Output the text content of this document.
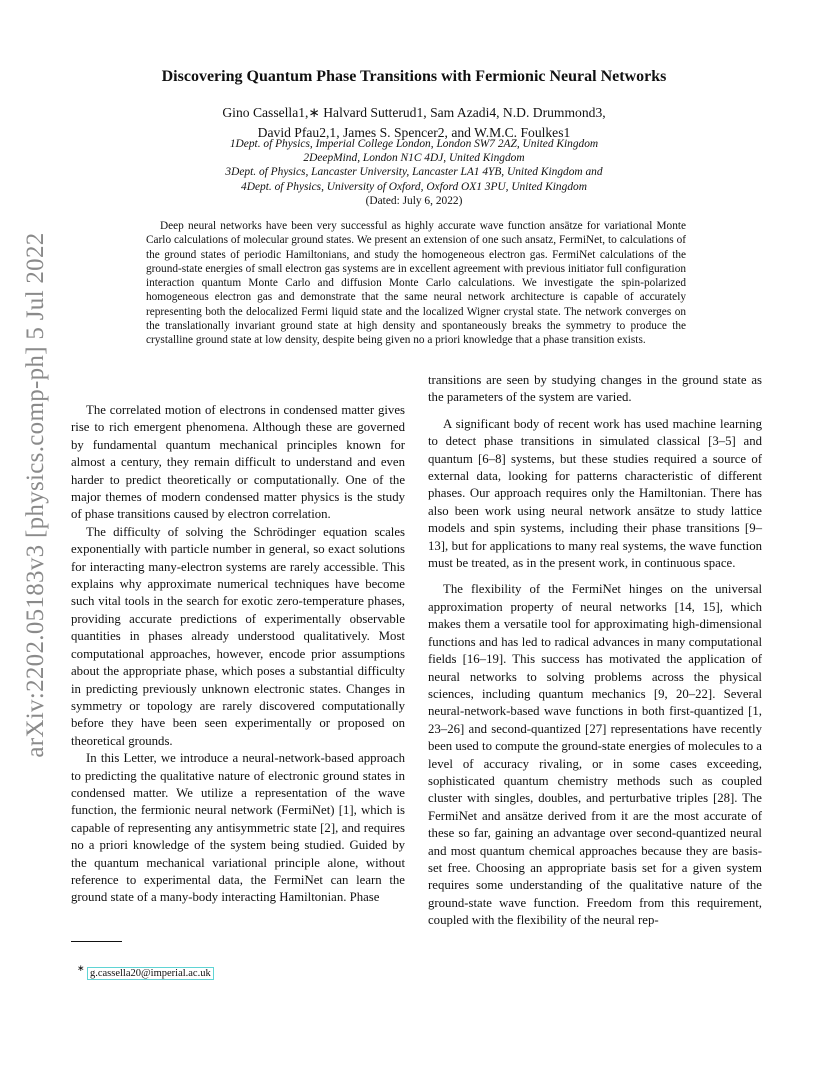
arXiv:2202.05183v3 [physics.comp-ph] 5 Jul 2022
Discovering Quantum Phase Transitions with Fermionic Neural Networks
Gino Cassella1,∗ Halvard Sutterud1, Sam Azadi4, N.D. Drummond3,
David Pfau2,1, James S. Spencer2, and W.M.C. Foulkes1
1Dept. of Physics, Imperial College London, London SW7 2AZ, United Kingdom
2DeepMind, London N1C 4DJ, United Kingdom
3Dept. of Physics, Lancaster University, Lancaster LA1 4YB, United Kingdom and
4Dept. of Physics, University of Oxford, Oxford OX1 3PU, United Kingdom
(Dated: July 6, 2022)
Deep neural networks have been very successful as highly accurate wave function ansätze for variational Monte Carlo calculations of molecular ground states. We present an extension of one such ansatz, FermiNet, to calculations of the ground states of periodic Hamiltonians, and study the homogeneous electron gas. FermiNet calculations of the ground-state energies of small electron gas systems are in excellent agreement with previous initiator full configuration interaction quantum Monte Carlo and diffusion Monte Carlo calculations. We investigate the spin-polarized homogeneous electron gas and demonstrate that the same neural network architecture is capable of accurately representing both the delocalized Fermi liquid state and the localized Wigner crystal state. The network converges on the translationally invariant ground state at high density and spontaneously breaks the symmetry to produce the crystalline ground state at low density, despite being given no a priori knowledge that a phase transition exists.

The correlated motion of electrons in condensed matter gives rise to rich emergent phenomena. Although these are governed by fundamental quantum mechanical principles known for almost a century, they remain difficult to understand and even harder to predict theoretically or computationally. One of the major themes of modern condensed matter physics is the study of phase transitions caused by electron correlation.

The difficulty of solving the Schrödinger equation scales exponentially with particle number in general, so exact solutions for interacting many-electron systems are rarely accessible. This explains why approximate numerical techniques have become such vital tools in the search for exotic zero-temperature phases, providing accurate predictions of experimentally observable quantities in phases already understood qualitatively. Most computational approaches, however, encode prior assumptions about the appropriate phase, which poses a substantial difficulty in predicting previously unknown electronic states. Changes in symmetry or topology are rarely discovered computationally before they have been seen experimentally or proposed on theoretical grounds.

In this Letter, we introduce a neural-network-based approach to predicting the qualitative nature of electronic ground states in condensed matter. We utilize a representation of the wave function, the fermionic neural network (FermiNet) [1], which is capable of representing any antisymmetric state [2], and requires no a priori knowledge of the system being studied. Guided by the quantum mechanical variational principle alone, without reference to experimental data, the FermiNet can learn the ground state of a many-body interacting Hamiltonian. Phase

transitions are seen by studying changes in the ground state as the parameters of the system are varied.

A significant body of recent work has used machine learning to detect phase transitions in simulated classical [3–5] and quantum [6–8] systems, but these studies required a source of external data, looking for patterns characteristic of different phases. Our approach requires only the Hamiltonian. There has also been work using neural network ansätze to study lattice models and spin systems, including their phase transitions [9–13], but for applications to many real systems, the wave function must be treated, as in the present work, in continuous space.

The flexibility of the FermiNet hinges on the universal approximation property of neural networks [14, 15], which makes them a versatile tool for approximating high-dimensional functions and has led to radical advances in many computational fields [16–19]. This success has motivated the application of neural networks to solving problems across the physical sciences, including quantum mechanics [9, 20–22]. Several neural-network-based wave functions in both first-quantized [1, 23–26] and second-quantized [27] representations have recently been used to compute the ground-state energies of molecules to a level of accuracy rivaling, or in some cases exceeding, sophisticated quantum chemistry methods such as coupled cluster with singles, doubles, and perturbative triples [28]. The FermiNet and ansätze derived from it are the most accurate of these so far, gaining an advantage over second-quantized neural and most quantum chemical approaches because they are basis-set free. Choosing an appropriate basis set for a given system requires some understanding of the qualitative nature of the ground-state wave function. Freedom from this requirement, coupled with the flexibility of the neural rep-

∗ g.cassella20@imperial.ac.uk
